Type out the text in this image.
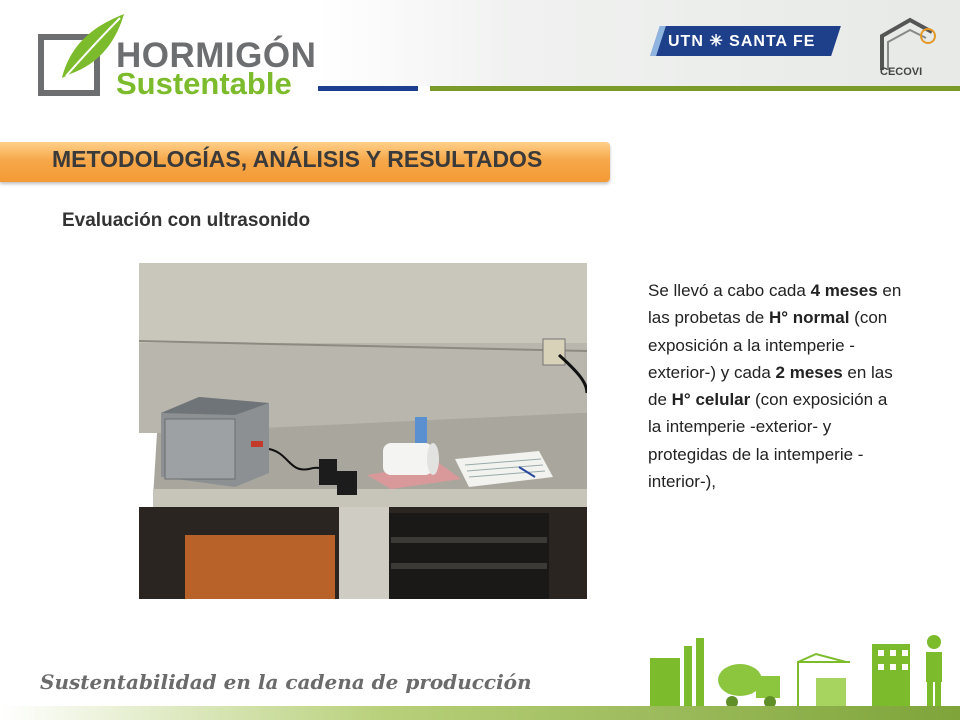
HORMIGÓN
Sustentable
UTN ✳ SANTA FE
CECOVI
METODOLOGÍAS, ANÁLISIS Y RESULTADOS
Evaluación con ultrasonido
Se llevó a cabo cada 4 meses en las probetas de H° normal (con exposición a la intemperie -exterior-) y cada 2 meses en las de H° celular (con exposición a la intemperie -exterior- y protegidas de la intemperie -interior-),
Sustentabilidad en la cadena de producción
